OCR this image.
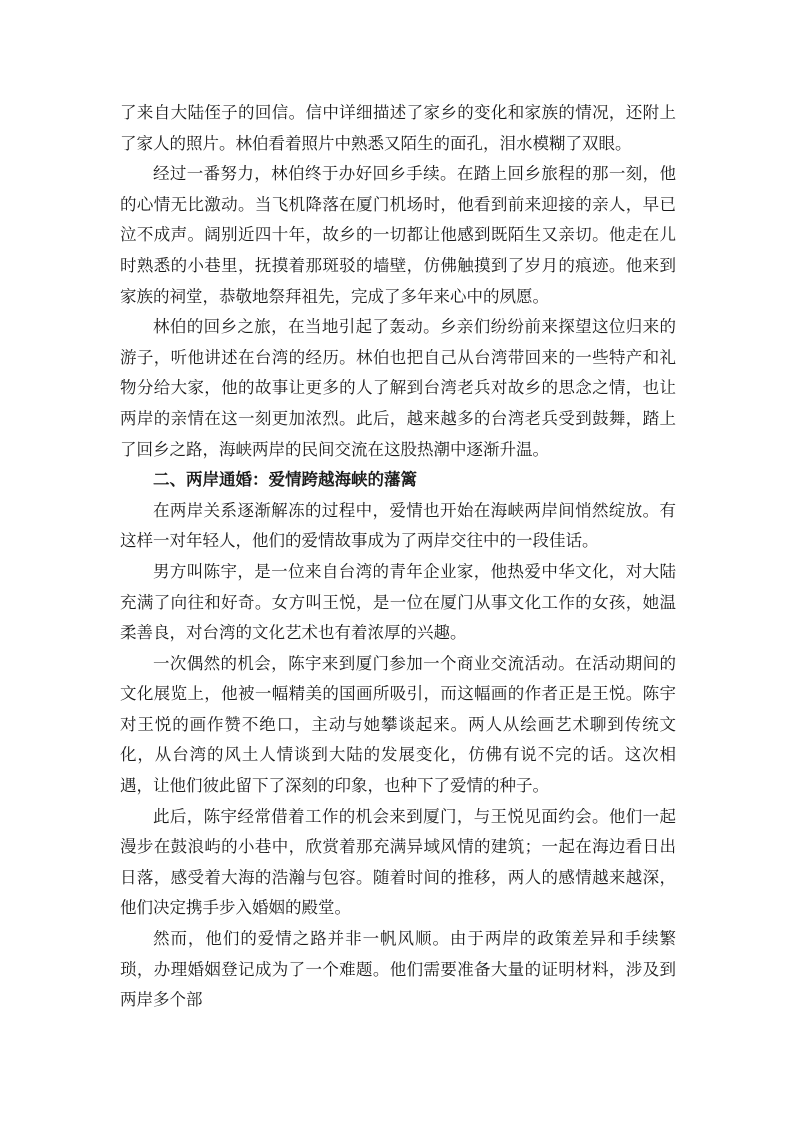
了来自大陆侄子的回信。信中详细描述了家乡的变化和家族的情况，还附上了家人的照片。林伯看着照片中熟悉又陌生的面孔，泪水模糊了双眼。

经过一番努力，林伯终于办好回乡手续。在踏上回乡旅程的那一刻，他的心情无比激动。当飞机降落在厦门机场时，他看到前来迎接的亲人，早已泣不成声。阔别近四十年，故乡的一切都让他感到既陌生又亲切。他走在儿时熟悉的小巷里，抚摸着那斑驳的墙壁，仿佛触摸到了岁月的痕迹。他来到家族的祠堂，恭敬地祭拜祖先，完成了多年来心中的夙愿。

林伯的回乡之旅，在当地引起了轰动。乡亲们纷纷前来探望这位归来的游子，听他讲述在台湾的经历。林伯也把自己从台湾带回来的一些特产和礼物分给大家，他的故事让更多的人了解到台湾老兵对故乡的思念之情，也让两岸的亲情在这一刻更加浓烈。此后，越来越多的台湾老兵受到鼓舞，踏上了回乡之路，海峡两岸的民间交流在这股热潮中逐渐升温。

二、两岸通婚：爱情跨越海峡的藩篱

在两岸关系逐渐解冻的过程中，爱情也开始在海峡两岸间悄然绽放。有这样一对年轻人，他们的爱情故事成为了两岸交往中的一段佳话。

男方叫陈宇，是一位来自台湾的青年企业家，他热爱中华文化，对大陆充满了向往和好奇。女方叫王悦，是一位在厦门从事文化工作的女孩，她温柔善良，对台湾的文化艺术也有着浓厚的兴趣。

一次偶然的机会，陈宇来到厦门参加一个商业交流活动。在活动期间的文化展览上，他被一幅精美的国画所吸引，而这幅画的作者正是王悦。陈宇对王悦的画作赞不绝口，主动与她攀谈起来。两人从绘画艺术聊到传统文化，从台湾的风土人情谈到大陆的发展变化，仿佛有说不完的话。这次相遇，让他们彼此留下了深刻的印象，也种下了爱情的种子。

此后，陈宇经常借着工作的机会来到厦门，与王悦见面约会。他们一起漫步在鼓浪屿的小巷中，欣赏着那充满异域风情的建筑；一起在海边看日出日落，感受着大海的浩瀚与包容。随着时间的推移，两人的感情越来越深，他们决定携手步入婚姻的殿堂。

然而，他们的爱情之路并非一帆风顺。由于两岸的政策差异和手续繁琐，办理婚姻登记成为了一个难题。他们需要准备大量的证明材料，涉及到两岸多个部
